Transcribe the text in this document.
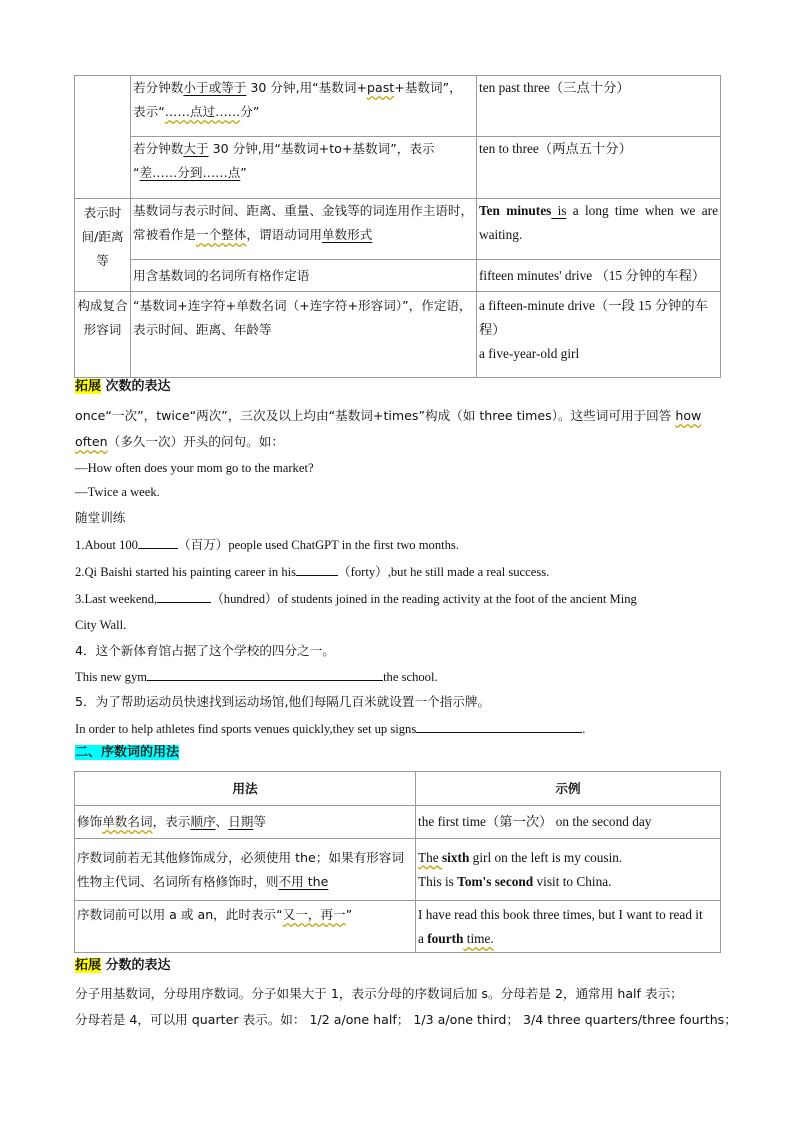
	若分钟数小于或等于 30 分钟,用“基数词+past+基数词”，
表示“……点过……分”	ten past three（三点十分）
	若分钟数大于 30 分钟,用“基数词+to+基数词”，表示
“差……分到……点”	ten to three（两点五十分）
表示时间/距离等	基数词与表示时间、距离、重量、金钱等的词连用作主语时，常被看作是一个整体，谓语动词用单数形式	Ten minutes is a long time when we are waiting.
	用含基数词的名词所有格作定语	fifteen minutes' drive （15 分钟的车程）
构成复合形容词	“基数词+连字符+单数名词（+连字符+形容词）”，作定语，表示时间、距离、年龄等	a fifteen-minute drive（一段 15 分钟的车程）
a five-year-old girl
拓展 次数的表达
once“一次”，twice“两次”，三次及以上均由“基数词+times”构成（如 three times）。这些词可用于回答 how
often（多久一次）开头的问句。如：
—How often does your mom go to the market?
—Twice a week.
随堂训练
1.About 100	（百万）people used ChatGPT in the first two months.
2.Qi Baishi started his painting career in his	（forty）,but he still made a real success.
3.Last weekend,	（hundred）of students joined in the reading activity at the foot of the ancient Ming
City Wall.
4．这个新体育馆占据了这个学校的四分之一。
This new gym	the school.
5．为了帮助运动员快速找到运动场馆,他们每隔几百米就设置一个指示牌。
In order to help athletes find sports venues quickly,they set up signs	.
二、序数词的用法
用法	示例
修饰单数名词，表示顺序、日期等	the first time（第一次） on the second day
序数词前若无其他修饰成分，必须使用 the；如果有形容词性物主代词、名词所有格修饰时，则不用 the	The sixth girl on the left is my cousin.
This is Tom's second visit to China.
序数词前可以用 a 或 an，此时表示“又一，再一”	I have read this book three times, but I want to read it
a fourth time.
拓展 分数的表达
分子用基数词，分母用序数词。分子如果大于 1，表示分母的序数词后加 s。分母若是 2，通常用 half 表示；
分母若是 4，可以用 quarter 表示。如： 1/2 a/one half； 1/3 a/one third； 3/4 three quarters/three fourths；
